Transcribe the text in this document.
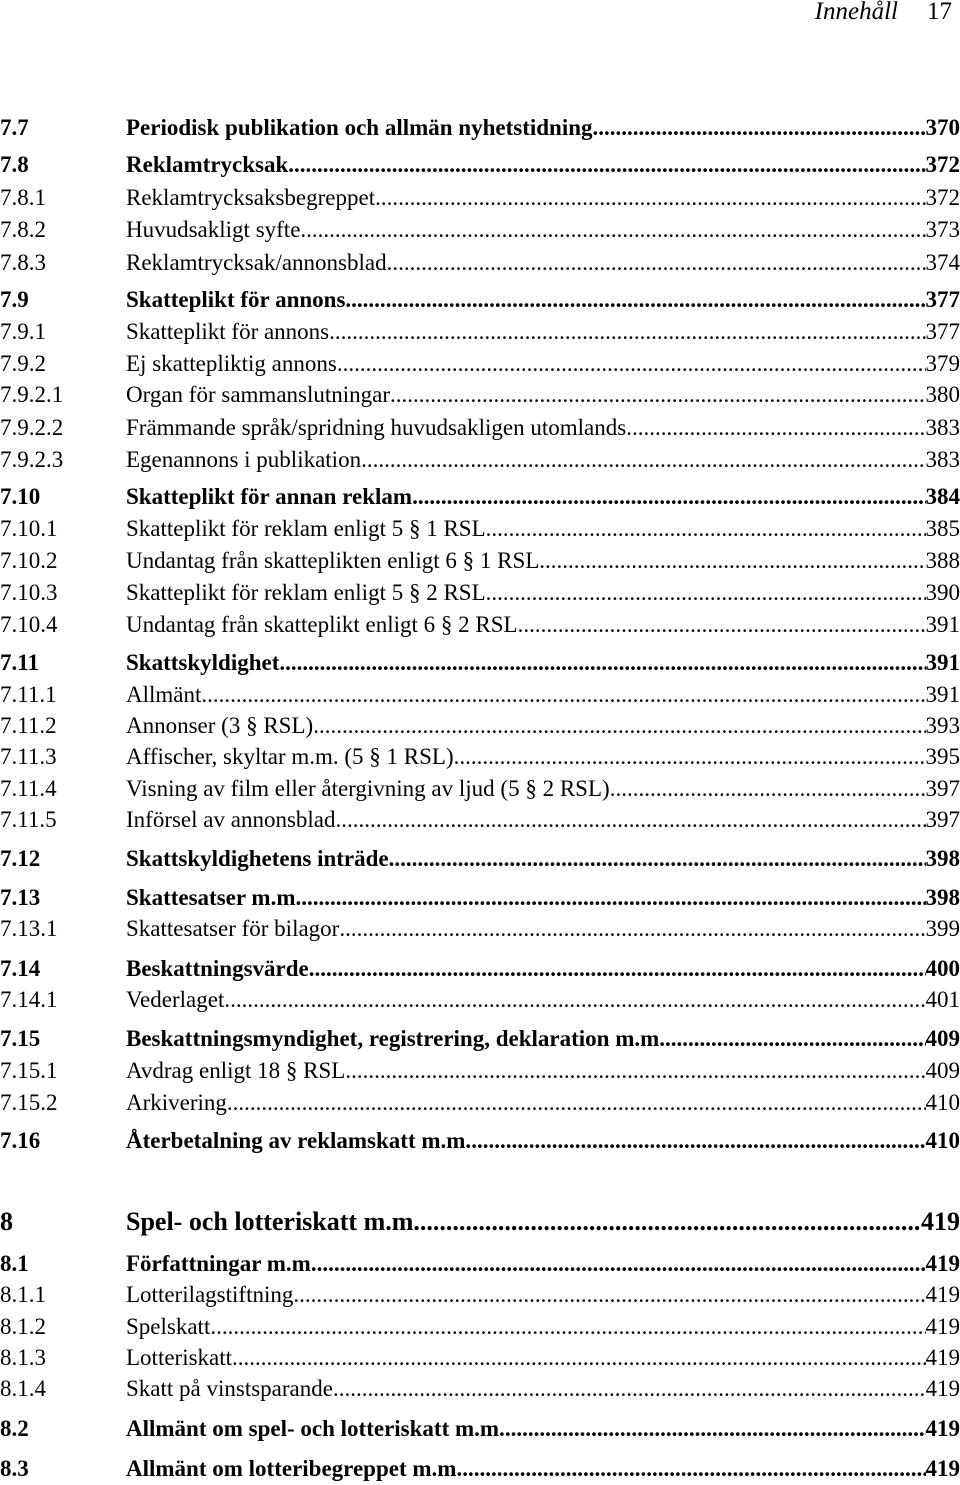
Innehåll 17
7.7	Periodisk publikation och allmän nyhetstidning .....	370
7.8	Reklamtrycksak .....	372
7.8.1	Reklamtrycksaksbegreppet .....	372
7.8.2	Huvudsakligt syfte .....	373
7.8.3	Reklamtrycksak/annonsblad .....	374
7.9	Skatteplikt för annons .....	377
7.9.1	Skatteplikt för annons .....	377
7.9.2	Ej skattepliktig annons .....	379
7.9.2.1	Organ för sammanslutningar .....	380
7.9.2.2	Främmande språk/spridning huvudsakligen utomlands .....	383
7.9.2.3	Egenannons i publikation .....	383
7.10	Skatteplikt för annan reklam .....	384
7.10.1	Skatteplikt för reklam enligt 5 § 1 RSL .....	385
7.10.2	Undantag från skatteplikten enligt 6 § 1 RSL .....	388
7.10.3	Skatteplikt för reklam enligt 5 § 2 RSL .....	390
7.10.4	Undantag från skatteplikt enligt 6 § 2 RSL .....	391
7.11	Skattskyldighet .....	391
7.11.1	Allmänt .....	391
7.11.2	Annonser (3 § RSL) .....	393
7.11.3	Affischer, skyltar m.m. (5 § 1 RSL) .....	395
7.11.4	Visning av film eller återgivning av ljud (5 § 2 RSL) .....	397
7.11.5	Införsel av annonsblad .....	397
7.12	Skattskyldighetens inträde .....	398
7.13	Skattesatser m.m. .....	398
7.13.1	Skattesatser för bilagor .....	399
7.14	Beskattningsvärde .....	400
7.14.1	Vederlaget .....	401
7.15	Beskattningsmyndighet, registrering, deklaration m.m. .....	409
7.15.1	Avdrag enligt 18 § RSL .....	409
7.15.2	Arkivering .....	410
7.16	Återbetalning av reklamskatt m.m. .....	410
8	Spel- och lotteriskatt m.m .....	419
8.1	Författningar m.m .....	419
8.1.1	Lotterilagstiftning .....	419
8.1.2	Spelskatt .....	419
8.1.3	Lotteriskatt .....	419
8.1.4	Skatt på vinstsparande .....	419
8.2	Allmänt om spel- och lotteriskatt m.m. .....	419
8.3	Allmänt om lotteribegreppet m.m. .....	419
